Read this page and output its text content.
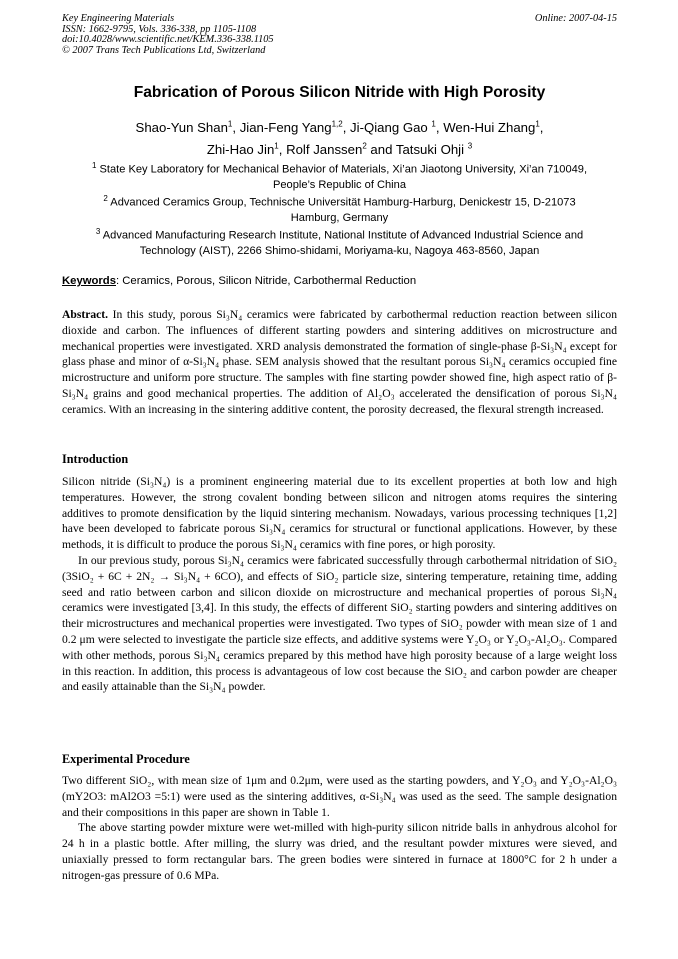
Key Engineering Materials
ISSN: 1662-9795, Vols. 336-338, pp 1105-1108
doi:10.4028/www.scientific.net/KEM.336-338.1105
© 2007 Trans Tech Publications Ltd, Switzerland
Online: 2007-04-15
Fabrication of Porous Silicon Nitride with High Porosity
Shao-Yun Shan$^1$, Jian-Feng Yang$^{1,2}$, Ji-Qiang Gao $^1$, Wen-Hui Zhang$^1$,
Zhi-Hao Jin$^1$, Rolf Janssen$^2$ and Tatsuki Ohji $^3$
$^1$ State Key Laboratory for Mechanical Behavior of Materials, Xi’an Jiaotong University, Xi’an 710049,
People’s Republic of China
$^2$ Advanced Ceramics Group, Technische Universität Hamburg-Harburg, Denickestr 15, D-21073
Hamburg, Germany
$^3$ Advanced Manufacturing Research Institute, National Institute of Advanced Industrial Science and
Technology (AIST), 2266 Shimo-shidami, Moriyama-ku, Nagoya 463-8560, Japan
Keywords: Ceramics, Porous, Silicon Nitride, Carbothermal Reduction
Abstract. In this study, porous Si₃N₄ ceramics were fabricated by carbothermal reduction reaction between silicon dioxide and carbon. The influences of different starting powders and sintering additives on microstructure and mechanical properties were investigated. XRD analysis demonstrated the formation of single-phase β-Si₃N₄ except for glass phase and minor of α-Si₃N₄ phase. SEM analysis showed that the resultant porous Si₃N₄ ceramics occupied fine microstructure and uniform pore structure. The samples with fine starting powder showed fine, high aspect ratio of β-Si₃N₄ grains and good mechanical properties. The addition of Al₂O₃ accelerated the densification of porous Si₃N₄ ceramics. With an increasing in the sintering additive content, the porosity decreased, the flexural strength increased.
Introduction

Silicon nitride (Si₃N₄) is a prominent engineering material due to its excellent properties at both low and high temperatures. However, the strong covalent bonding between silicon and nitrogen atoms requires the sintering additives to promote densification by the liquid sintering mechanism. Nowadays, various processing techniques [1,2] have been developed to fabricate porous Si₃N₄ ceramics for structural or functional applications. However, by these methods, it is difficult to produce the porous Si₃N₄ ceramics with fine pores, or high porosity.

In our previous study, porous Si₃N₄ ceramics were fabricated successfully through carbothermal nitridation of SiO₂ (3SiO₂ + 6C + 2N₂ → Si₃N₄ + 6CO), and effects of SiO₂ particle size, sintering temperature, retaining time, adding seed and ratio between carbon and silicon dioxide on microstructure and mechanical properties of porous Si₃N₄ ceramics were investigated [3,4]. In this study, the effects of different SiO₂ starting powders and sintering additives on their microstructures and mechanical properties were investigated. Two types of SiO₂ powder with mean size of 1 and 0.2 μm were selected to investigate the particle size effects, and additive systems were Y₂O₃ or Y₂O₃-Al₂O₃. Compared with other methods, porous Si₃N₄ ceramics prepared by this method have high porosity because of a large weight loss in this reaction. In addition, this process is advantageous of low cost because the SiO₂ and carbon powder are cheaper and easily attainable than the Si₃N₄ powder.

Experimental Procedure

Two different SiO₂, with mean size of 1μm and 0.2μm, were used as the starting powders, and Y₂O₃ and Y₂O₃-Al₂O₃ (mY2O3: mAl2O3 =5:1) were used as the sintering additives, α-Si₃N₄ was used as the seed. The sample designation and their compositions in this paper are shown in Table 1.

The above starting powder mixture were wet-milled with high-purity silicon nitride balls in anhydrous alcohol for 24 h in a plastic bottle. After milling, the slurry was dried, and the resultant powder mixtures were sieved, and uniaxially pressed to form rectangular bars. The green bodies were sintered in furnace at 1800°C for 2 h under a nitrogen-gas pressure of 0.6 MPa.
